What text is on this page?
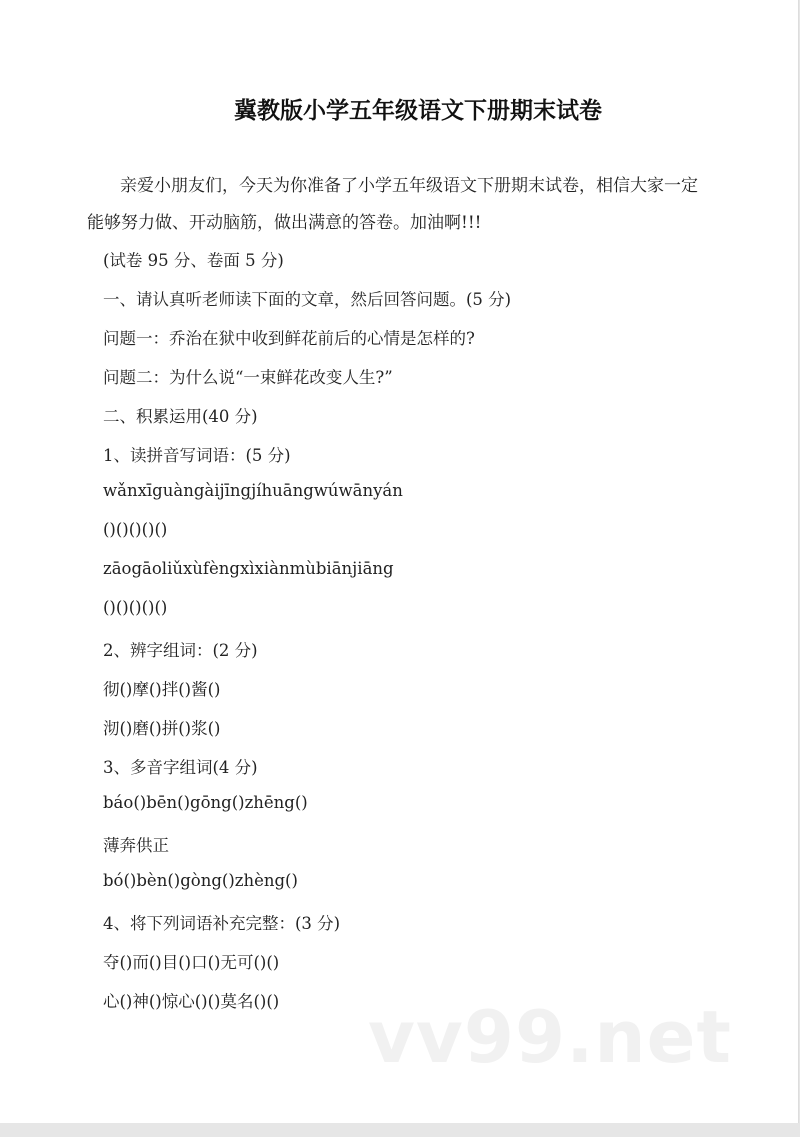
冀教版小学五年级语文下册期末试卷
亲爱小朋友们，今天为你准备了小学五年级语文下册期末试卷，相信大家一定能够努力做、开动脑筋，做出满意的答卷。加油啊!!!
(试卷 95 分、卷面 5 分)
一、请认真听老师读下面的文章，然后回答问题。(5 分)
问题一：乔治在狱中收到鲜花前后的心情是怎样的?
问题二：为什么说“一束鲜花改变人生?”
二、积累运用(40 分)
1、读拼音写词语：(5 分)
wǎnxīguàngàijīngjíhuāngwúwānyán
()()()()()
zāogāoliǔxùfèngxìxiànmùbiānjiāng
()()()()()
2、辨字组词：(2 分)
彻()摩()拌()酱()
沏()磨()拼()浆()
3、多音字组词(4 分)
báo()bēn()gōng()zhēng()
薄奔供正
bó()bèn()gòng()zhèng()
4、将下列词语补充完整：(3 分)
夺()而()目()口()无可()()
心()神()惊心()()莫名()() vv99.net
